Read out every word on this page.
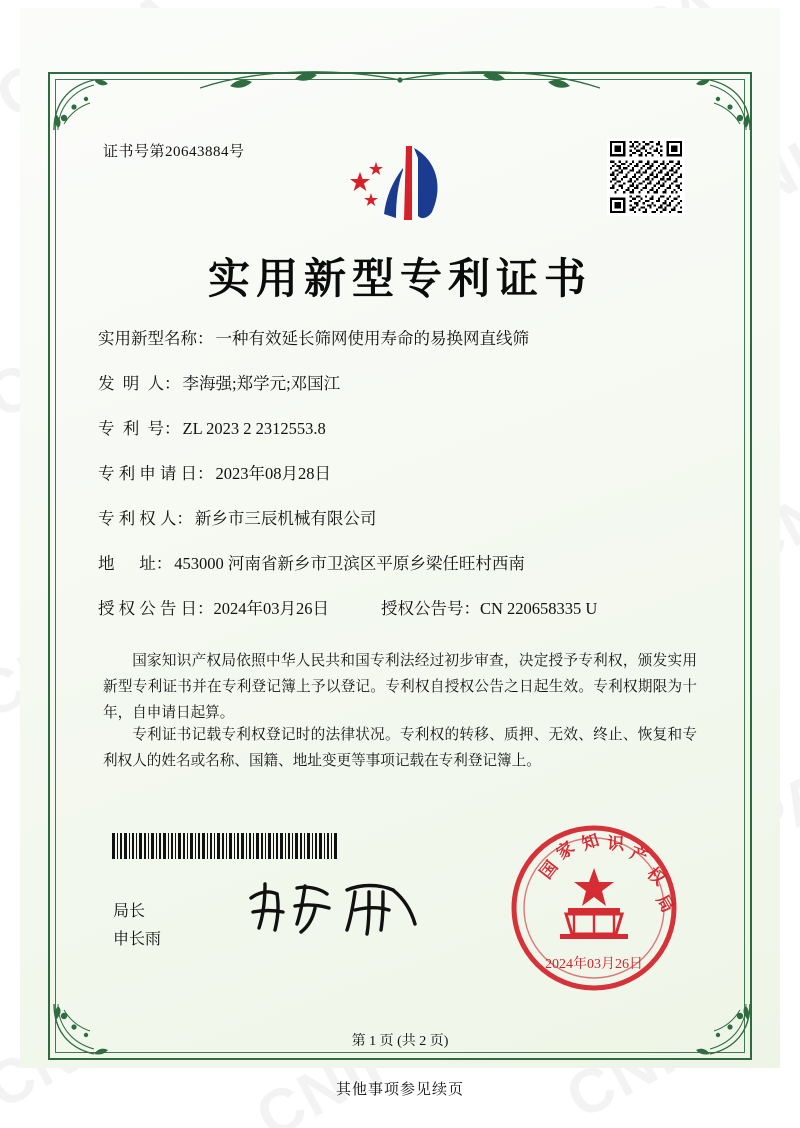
证书号第20643884号
实用新型专利证书
实用新型名称： 一种有效延长筛网使用寿命的易换网直线筛
发  明  人： 李海强;郑学元;邓国江
专  利  号： ZL 2023 2 2312553.8
专 利 申 请 日： 2023年08月28日
专 利 权 人： 新乡市三辰机械有限公司
地      址： 453000 河南省新乡市卫滨区平原乡梁任旺村西南
授 权 公 告 日： 2024年03月26日	授权公告号： CN 220658335 U
国家知识产权局依照中华人民共和国专利法经过初步审查，决定授予专利权，颁发实用新型专利证书并在专利登记簿上予以登记。专利权自授权公告之日起生效。专利权期限为十年，自申请日起算。
专利证书记载专利权登记时的法律状况。专利权的转移、质押、无效、终止、恢复和专利权人的姓名或名称、国籍、地址变更等事项记载在专利登记簿上。
局长
申长雨
国
家 知 识 产
权
局
2024年03月26日
第 1 页 (共 2 页)
其他事项参见续页
